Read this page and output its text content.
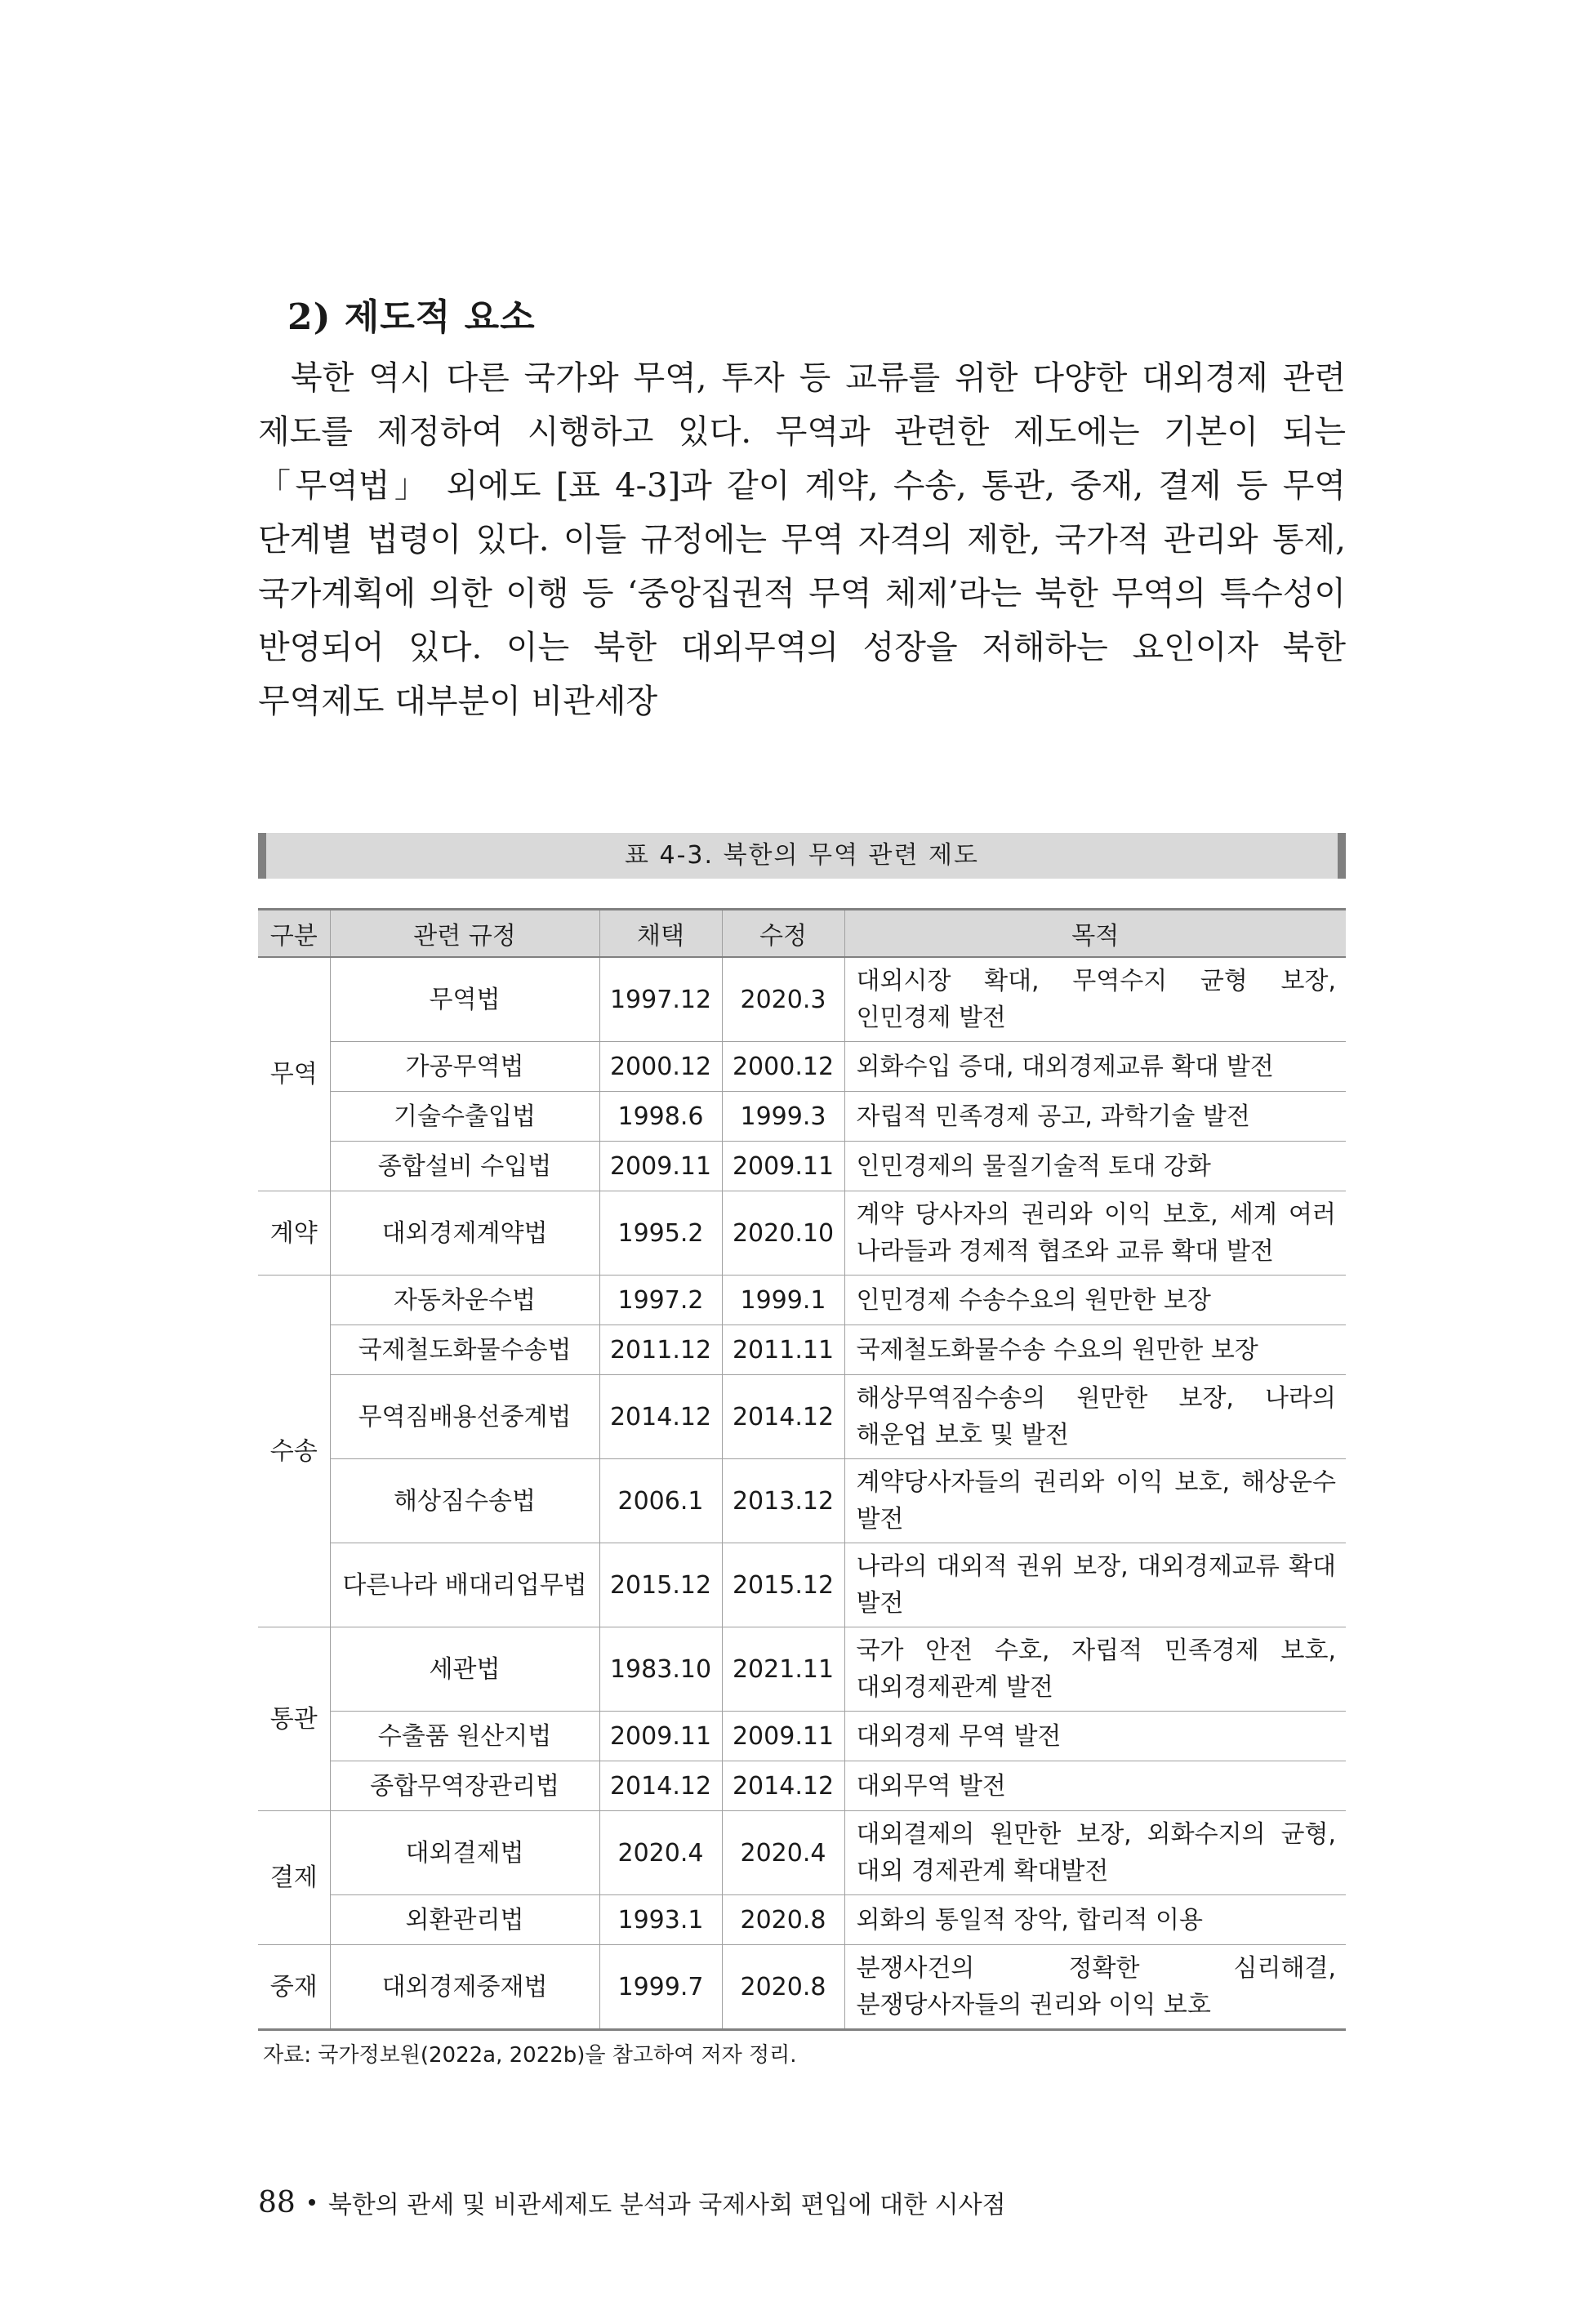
2) 제도적 요소

북한 역시 다른 국가와 무역, 투자 등 교류를 위한 다양한 대외경제 관련 제도를 제정하여 시행하고 있다. 무역과 관련한 제도에는 기본이 되는 「무역법」 외에도 [표 4-3]과 같이 계약, 수송, 통관, 중재, 결제 등 무역 단계별 법령이 있다. 이들 규정에는 무역 자격의 제한, 국가적 관리와 통제, 국가계획에 의한 이행 등 ‘중앙집권적 무역 체제’라는 북한 무역의 특수성이 반영되어 있다. 이는 북한 대외무역의 성장을 저해하는 요인이자 북한 무역제도 대부분이 비관세장

표 4-3. 북한의 무역 관련 제도
구분	관련 규정	채택	수정	목적
무역	무역법	1997.12	2020.3	대외시장 확대, 무역수지 균형 보장, 인민경제 발전
	가공무역법	2000.12	2000.12	외화수입 증대, 대외경제교류 확대 발전
	기술수출입법	1998.6	1999.3	자립적 민족경제 공고, 과학기술 발전
	종합설비 수입법	2009.11	2009.11	인민경제의 물질기술적 토대 강화
계약	대외경제계약법	1995.2	2020.10	계약 당사자의 권리와 이익 보호, 세계 여러 나라들과 경제적 협조와 교류 확대 발전
수송	자동차운수법	1997.2	1999.1	인민경제 수송수요의 원만한 보장
	국제철도화물수송법	2011.12	2011.11	국제철도화물수송 수요의 원만한 보장
	무역짐배용선중계법	2014.12	2014.12	해상무역짐수송의 원만한 보장, 나라의 해운업 보호 및 발전
	해상짐수송법	2006.1	2013.12	계약당사자들의 권리와 이익 보호, 해상운수 발전
	다른나라 배대리업무법	2015.12	2015.12	나라의 대외적 권위 보장, 대외경제교류 확대 발전
통관	세관법	1983.10	2021.11	국가 안전 수호, 자립적 민족경제 보호, 대외경제관계 발전
	수출품 원산지법	2009.11	2009.11	대외경제 무역 발전
	종합무역장관리법	2014.12	2014.12	대외무역 발전
결제	대외결제법	2020.4	2020.4	대외결제의 원만한 보장, 외화수지의 균형, 대외 경제관계 확대발전
	외환관리법	1993.1	2020.8	외화의 통일적 장악, 합리적 이용
중재	대외경제중재법	1999.7	2020.8	분쟁사건의 정확한 심리해결, 분쟁당사자들의 권리와 이익 보호

자료: 국가정보원(2022a, 2022b)을 참고하여 저자 정리.

88 북한의 관세 및 비관세제도 분석과 국제사회 편입에 대한 시사점
